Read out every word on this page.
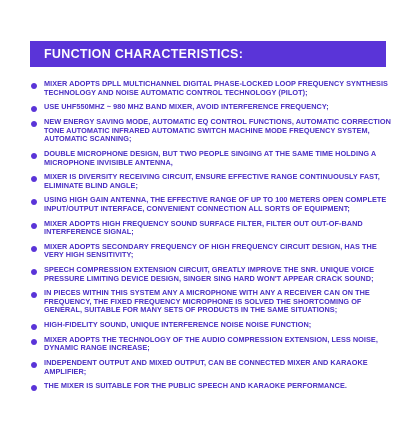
FUNCTION CHARACTERISTICS:
MIXER ADOPTS DPLL MULTICHANNEL DIGITAL PHASE-LOCKED LOOP FREQUENCY SYNTHESIS TECHNOLOGY AND NOISE AUTOMATIC CONTROL TECHNOLOGY (PILOT);
USE UHF550MHZ ~ 980 MHZ BAND MIXER, AVOID INTERFERENCE FREQUENCY;
NEW ENERGY SAVING MODE, AUTOMATIC EQ CONTROL FUNCTIONS, AUTOMATIC CORRECTION TONE AUTOMATIC INFRARED AUTOMATIC SWITCH MACHINE MODE FREQUENCY SYSTEM, AUTOMATIC SCANNING;
DOUBLE MICROPHONE DESIGN, BUT TWO PEOPLE SINGING AT THE SAME TIME HOLDING A MICROPHONE INVISIBLE ANTENNA,
MIXER IS DIVERSITY RECEIVING CIRCUIT, ENSURE EFFECTIVE RANGE CONTINUOUSLY FAST, ELIMINATE BLIND ANGLE;
USING HIGH GAIN ANTENNA, THE EFFECTIVE RANGE OF UP TO 100 METERS OPEN COMPLETE INPUT/OUTPUT INTERFACE, CONVENIENT CONNECTION ALL SORTS OF EQUIPMENT;
MIXER ADOPTS HIGH FREQUENCY SOUND SURFACE FILTER, FILTER OUT OUT-OF-BAND INTERFERENCE SIGNAL;
MIXER ADOPTS SECONDARY FREQUENCY OF HIGH FREQUENCY CIRCUIT DESIGN, HAS THE VERY HIGH SENSITIVITY;
SPEECH COMPRESSION EXTENSION CIRCUIT, GREATLY IMPROVE THE SNR. UNIQUE VOICE PRESSURE LIMITING DEVICE DESIGN, SINGER SING HARD WON'T APPEAR CRACK SOUND;
IN PIECES WITHIN THIS SYSTEM ANY A MICROPHONE WITH ANY A RECEIVER CAN ON THE FREQUENCY, THE FIXED FREQUENCY MICROPHONE IS SOLVED THE SHORTCOMING OF GENERAL, SUITABLE FOR MANY SETS OF PRODUCTS IN THE SAME SITUATIONS;
HIGH-FIDELITY SOUND, UNIQUE INTERFERENCE NOISE NOISE FUNCTION;
MIXER ADOPTS THE TECHNOLOGY OF THE AUDIO COMPRESSION EXTENSION, LESS NOISE, DYNAMIC RANGE INCREASE;
INDEPENDENT OUTPUT AND MIXED OUTPUT, CAN BE CONNECTED MIXER AND KARAOKE AMPLIFIER;
THE MIXER IS SUITABLE FOR THE PUBLIC SPEECH AND KARAOKE PERFORMANCE.
